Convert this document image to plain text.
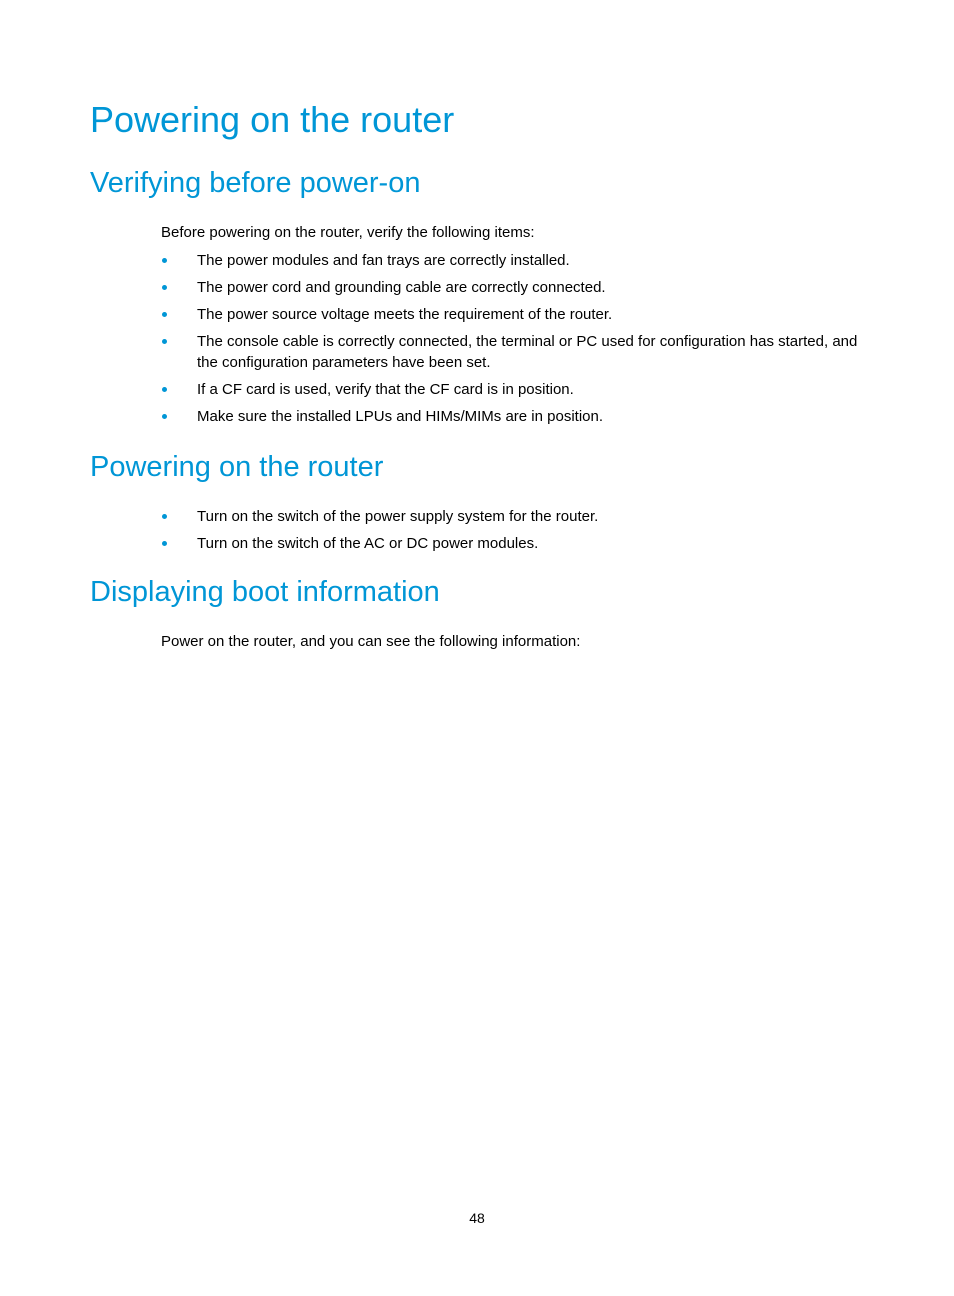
Powering on the router
Verifying before power-on

Before powering on the router, verify the following items:

The power modules and fan trays are correctly installed.
The power cord and grounding cable are correctly connected.
The power source voltage meets the requirement of the router.
The console cable is correctly connected, the terminal or PC used for configuration has started, and the configuration parameters have been set.
If a CF card is used, verify that the CF card is in position.
Make sure the installed LPUs and HIMs/MIMs are in position.
Powering on the router
Turn on the switch of the power supply system for the router.
Turn on the switch of the AC or DC power modules.
Displaying boot information

Power on the router, and you can see the following information:

48
